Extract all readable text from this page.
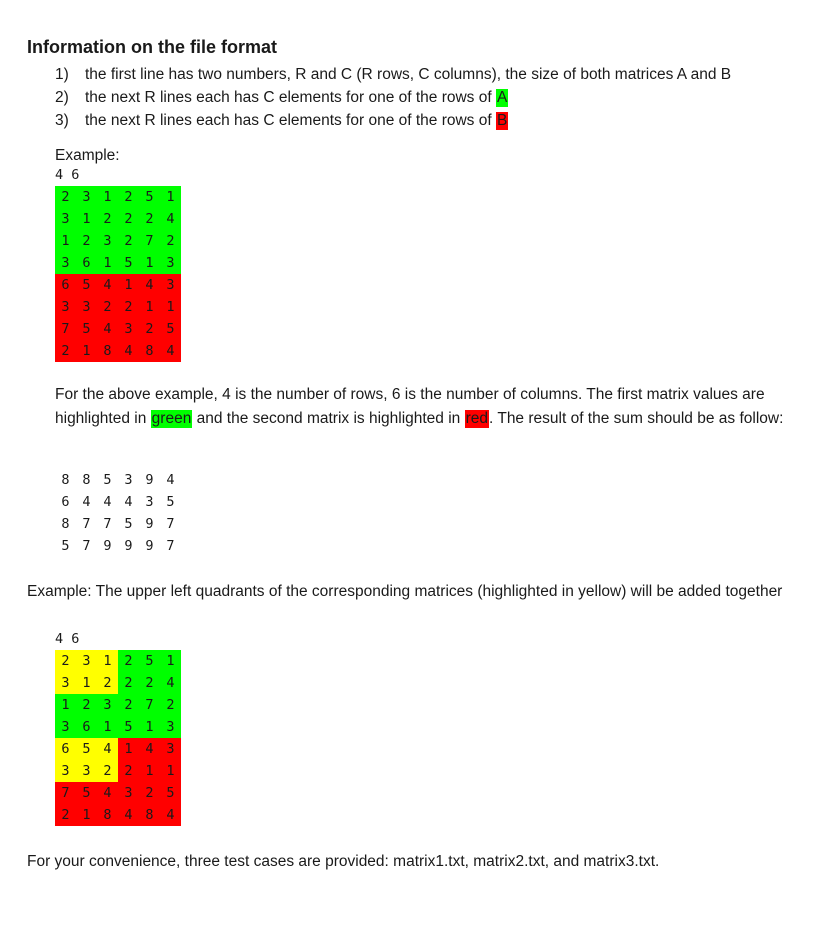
Information on the file format
1) the first line has two numbers, R and C (R rows, C columns), the size of both matrices A and B
2) the next R lines each has C elements for one of the rows of A
3) the next R lines each has C elements for one of the rows of B

Example:

4 6
2 3 1 2 5 1
3 1 2 2 2 4
1 2 3 2 7 2
3 6 1 5 1 3
6 5 4 1 4 3
3 3 2 2 1 1
7 5 4 3 2 5
2 1 8 4 8 4

For the above example, 4 is the number of rows, 6 is the number of columns. The first matrix values are highlighted in green and the second matrix is highlighted in red. The result of the sum should be as follow:

8 8 5 3 9 4
6 4 4 4 3 5
8 7 7 5 9 7
5 7 9 9 9 7

Example: The upper left quadrants of the corresponding matrices (highlighted in yellow) will be added together

4 6
2 3 1 2 5 1
3 1 2 2 2 4
1 2 3 2 7 2
3 6 1 5 1 3
6 5 4 1 4 3
3 3 2 2 1 1
7 5 4 3 2 5
2 1 8 4 8 4

For your convenience, three test cases are provided: matrix1.txt, matrix2.txt, and matrix3.txt.
